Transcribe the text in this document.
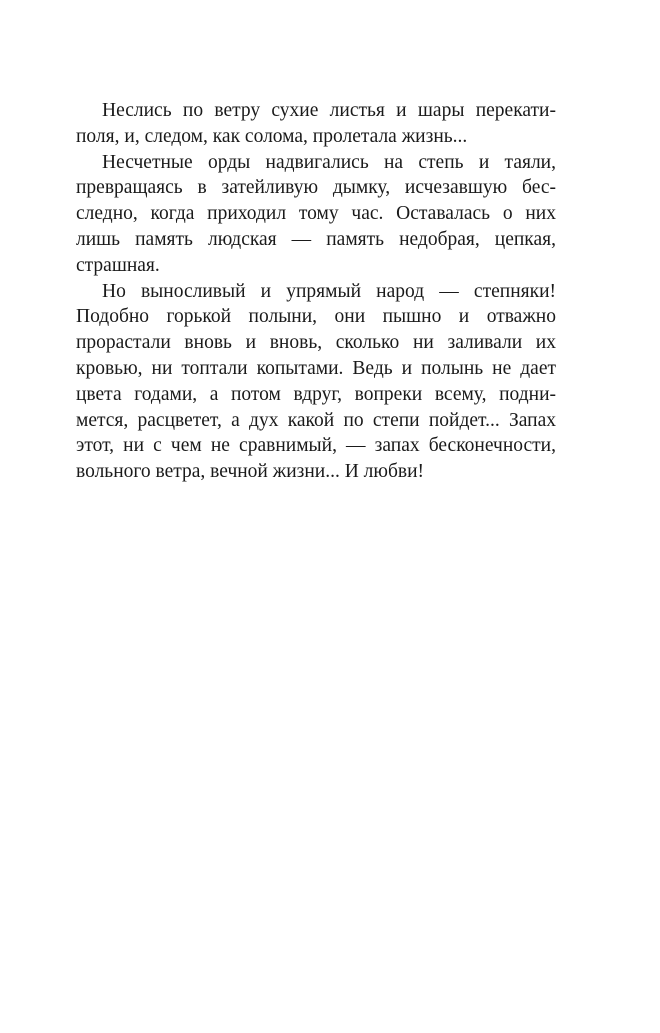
Неслись по ветру сухие листья и шары перекати-
поля, и, следом, как солома, пролетала жизнь...

Несчетные орды надвигались на степь и таяли,
превращаясь в затейливую дымку, исчезавшую бес-
следно, когда приходил тому час. Оставалась о них
лишь память людская — память недобрая, цепкая,
страшная.

Но выносливый и упрямый народ — степняки!
Подобно горькой полыни, они пышно и отважно
прорастали вновь и вновь, сколько ни заливали их
кровью, ни топтали копытами. Ведь и полынь не дает
цвета годами, а потом вдруг, вопреки всему, подни-
мется, расцветет, а дух какой по степи пойдет... Запах
этот, ни с чем не сравнимый, — запах бесконечности,
вольного ветра, вечной жизни... И любви!
